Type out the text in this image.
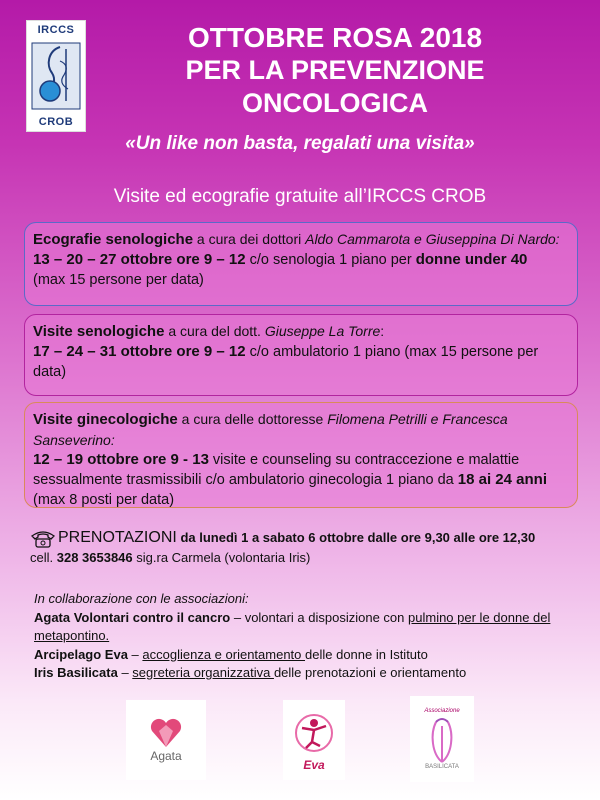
IRCCS
CROB
OTTOBRE ROSA 2018
PER LA PREVENZIONE
ONCOLOGICA
«Un like non basta, regalati una visita»
Visite ed ecografie gratuite all’IRCCS CROB
Ecografie senologiche a cura dei dottori Aldo Cammarota e Giuseppina Di Nardo:
13 – 20 – 27 ottobre ore 9 – 12 c/o senologia 1 piano per donne under 40
(max 15 persone per data)
Visite senologiche a cura del dott. Giuseppe La Torre:
17 – 24 – 31 ottobre ore 9 – 12 c/o ambulatorio 1 piano (max 15 persone per data)
Visite ginecologiche a cura delle dottoresse Filomena Petrilli e Francesca Sanseverino:
12 – 19 ottobre ore 9 - 13 visite e counseling su contraccezione e malattie sessualmente trasmissibili c/o ambulatorio ginecologia 1 piano da 18 ai 24 anni (max 8 posti per data)
PRENOTAZIONI da lunedì 1 a sabato 6 ottobre dalle ore 9,30 alle ore 12,30
cell. 328 3653846 sig.ra Carmela (volontaria Iris)
In collaborazione con le associazioni:
Agata Volontari contro il cancro – volontari a disposizione con pulmino per le donne del metapontino.
Arcipelago Eva – accoglienza e orientamento delle donne in Istituto
Iris Basilicata – segreteria organizzativa delle prenotazioni e orientamento
Agata
Eva
Associazione
BASILICATA
